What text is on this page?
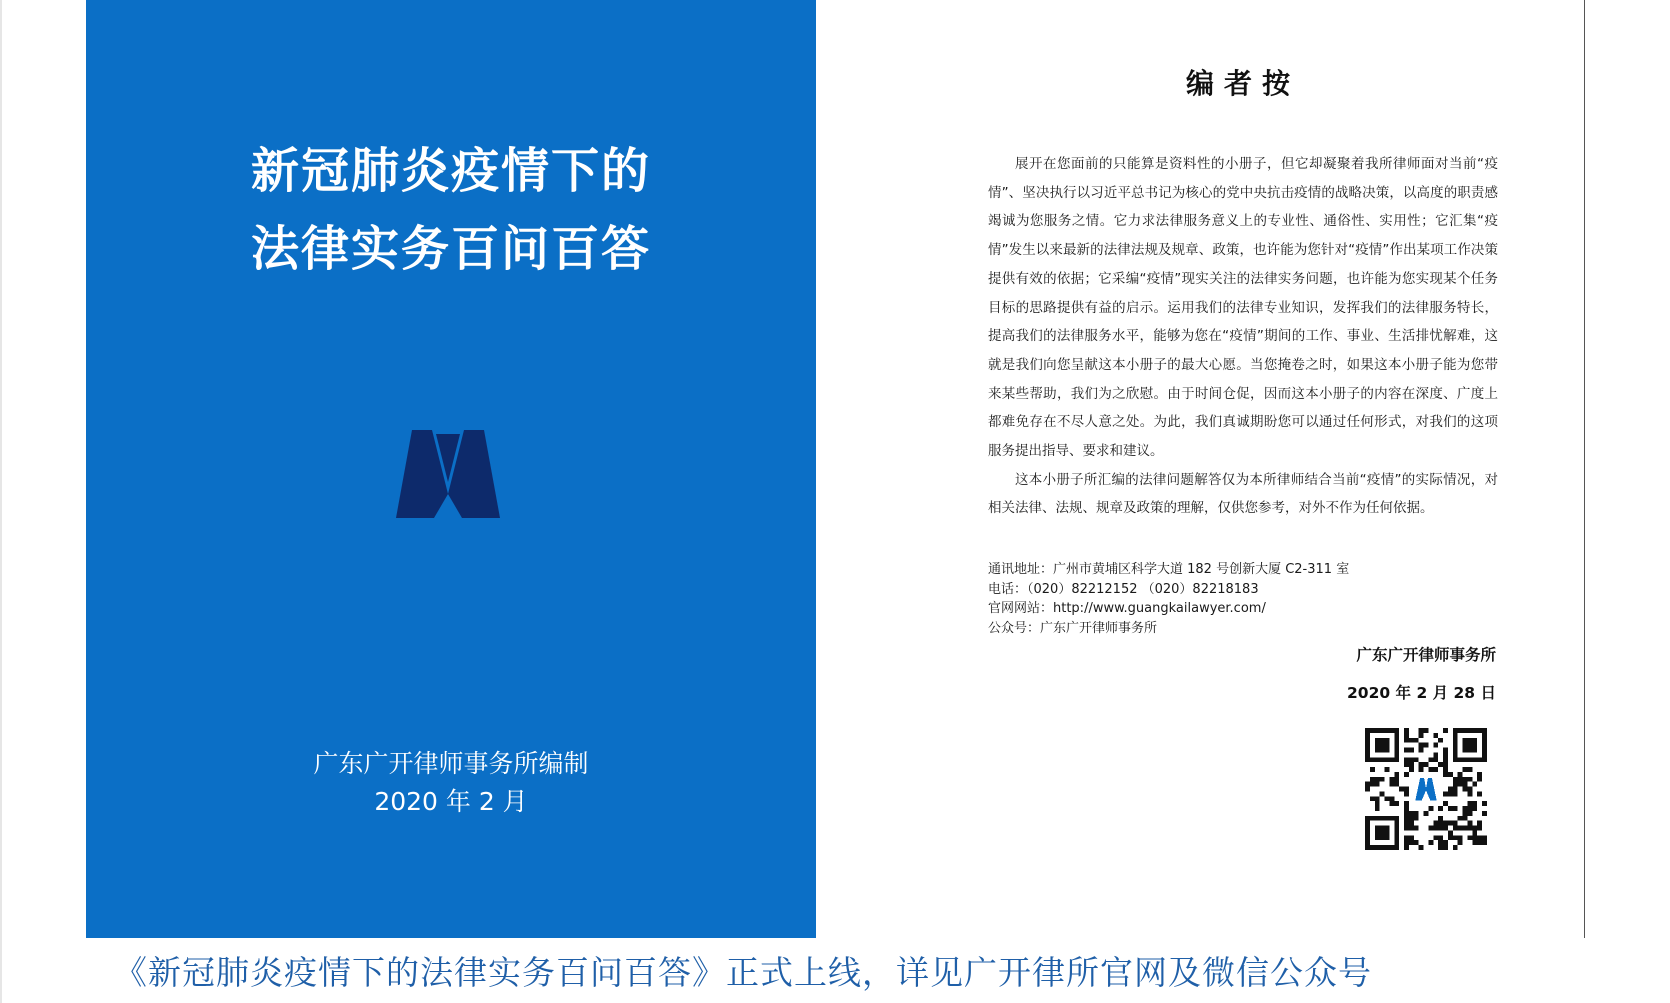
新冠肺炎疫情下的
法律实务百问百答
广东广开律师事务所编制
2020 年 2 月
编者按

展开在您面前的只能算是资料性的小册子，但它却凝聚着我所律师面对当前“疫情”、坚决执行以习近平总书记为核心的党中央抗击疫情的战略决策，以高度的职责感竭诚为您服务之情。它力求法律服务意义上的专业性、通俗性、实用性；它汇集“疫情”发生以来最新的法律法规及规章、政策，也许能为您针对“疫情”作出某项工作决策提供有效的依据；它采编“疫情”现实关注的法律实务问题，也许能为您实现某个任务目标的思路提供有益的启示。运用我们的法律专业知识，发挥我们的法律服务特长，提高我们的法律服务水平，能够为您在“疫情”期间的工作、事业、生活排忧解难，这就是我们向您呈献这本小册子的最大心愿。当您掩卷之时，如果这本小册子能为您带来某些帮助，我们为之欣慰。由于时间仓促，因而这本小册子的内容在深度、广度上都难免存在不尽人意之处。为此，我们真诚期盼您可以通过任何形式，对我们的这项服务提出指导、要求和建议。

这本小册子所汇编的法律问题解答仅为本所律师结合当前“疫情”的实际情况，对相关法律、法规、规章及政策的理解，仅供您参考，对外不作为任何依据。

通讯地址：广州市黄埔区科学大道 182 号创新大厦 C2-311 室
电话：（020）82212152 （020）82218183
官网网站：http://www.guangkailawyer.com/
公众号：广东广开律师事务所
广东广开律师事务所
2020 年 2 月 28 日
《新冠肺炎疫情下的法律实务百问百答》正式上线，详见广开律所官网及微信公众号
